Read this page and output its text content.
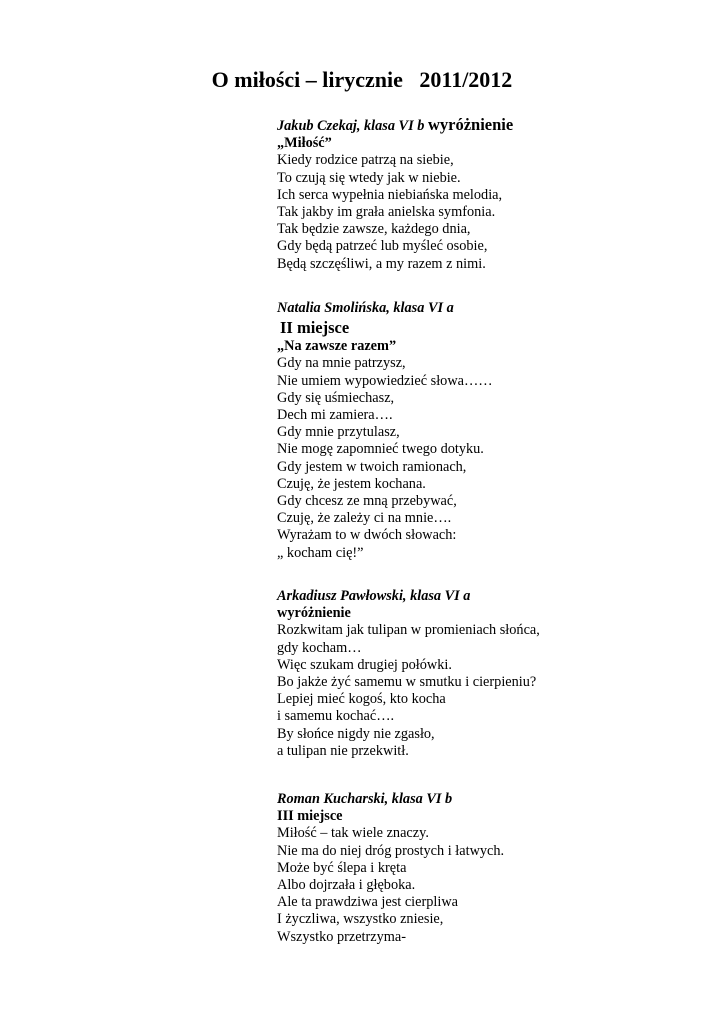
O miłości – lirycznie   2011/2012
Jakub Czekaj, klasa VI b wyróżnienie
„Miłość”
Kiedy rodzice patrzą na siebie,
To czują się wtedy jak w niebie.
Ich serca wypełnia niebiańska melodia,
Tak jakby im grała anielska symfonia.
Tak będzie zawsze, każdego dnia,
Gdy będą patrzeć lub myśleć osobie,
Będą szczęśliwi, a my razem z nimi.
Natalia Smolińska, klasa VI a
II miejsce
„Na zawsze razem”
Gdy na mnie patrzysz,
Nie umiem wypowiedzieć słowa……
Gdy się uśmiechasz,
Dech mi zamiera….
Gdy mnie przytulasz,
Nie mogę zapomnieć twego dotyku.
Gdy jestem w twoich ramionach,
Czuję, że jestem kochana.
Gdy chcesz ze mną przebywać,
Czuję, że zależy ci na mnie….
Wyrażam to w dwóch słowach:
„ kocham cię!”
Arkadiusz Pawłowski, klasa VI a
wyróżnienie
Rozkwitam jak tulipan w promieniach słońca,
gdy kocham…
Więc szukam drugiej połówki.
Bo jakże żyć samemu w smutku i cierpieniu?
Lepiej mieć kogoś, kto kocha
i samemu kochać….
By słońce nigdy nie zgasło,
a tulipan nie przekwitł.
Roman Kucharski, klasa VI b
III miejsce
Miłość – tak wiele znaczy.
Nie ma do niej dróg prostych i łatwych.
Może być ślepa i kręta
Albo dojrzała i głęboka.
Ale ta prawdziwa jest cierpliwa
I życzliwa, wszystko zniesie,
Wszystko przetrzyma-
